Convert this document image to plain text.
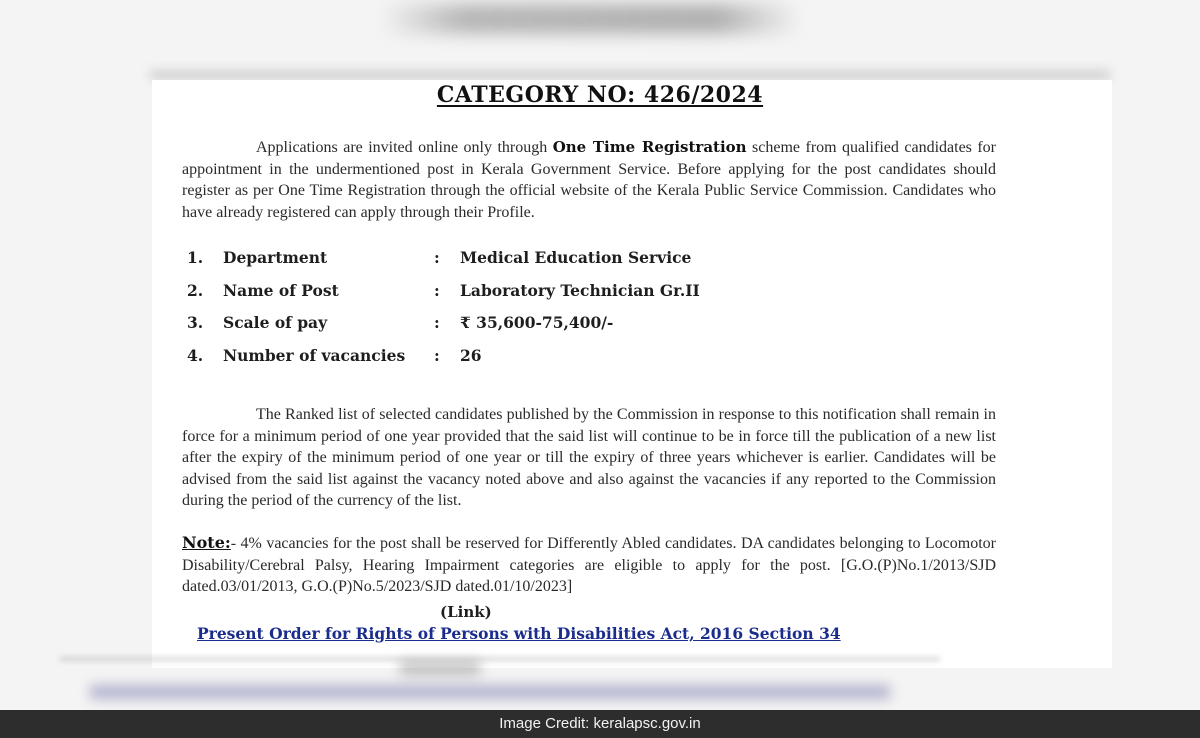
CATEGORY NO: 426/2024

Applications are invited online only through One Time Registration scheme from qualified candidates for appointment in the undermentioned post in Kerala Government Service. Before applying for the post candidates should register as per One Time Registration through the official website of the Kerala Public Service Commission. Candidates who have already registered can apply through their Profile.

1. Department	: Medical Education Service
2. Name of Post	: Laboratory Technician Gr.II
3. Scale of pay	: ₹ 35,600-75,400/-
4. Number of vacancies : 26

The Ranked list of selected candidates published by the Commission in response to this notification shall remain in force for a minimum period of one year provided that the said list will continue to be in force till the publication of a new list after the expiry of the minimum period of one year or till the expiry of three years whichever is earlier. Candidates will be advised from the said list against the vacancy noted above and also against the vacancies if any reported to the Commission during the period of the currency of the list.

Note:- 4% vacancies for the post shall be reserved for Differently Abled candidates. DA candidates belonging to Locomotor Disability/Cerebral Palsy, Hearing Impairment categories are eligible to apply for the post. [G.O.(P)No.1/2013/SJD dated.03/01/2013, G.O.(P)No.5/2023/SJD dated.01/10/2023]
(Link)
Present Order for Rights of Persons with Disabilities Act, 2016 Section 34
Image Credit: keralapsc.gov.in
